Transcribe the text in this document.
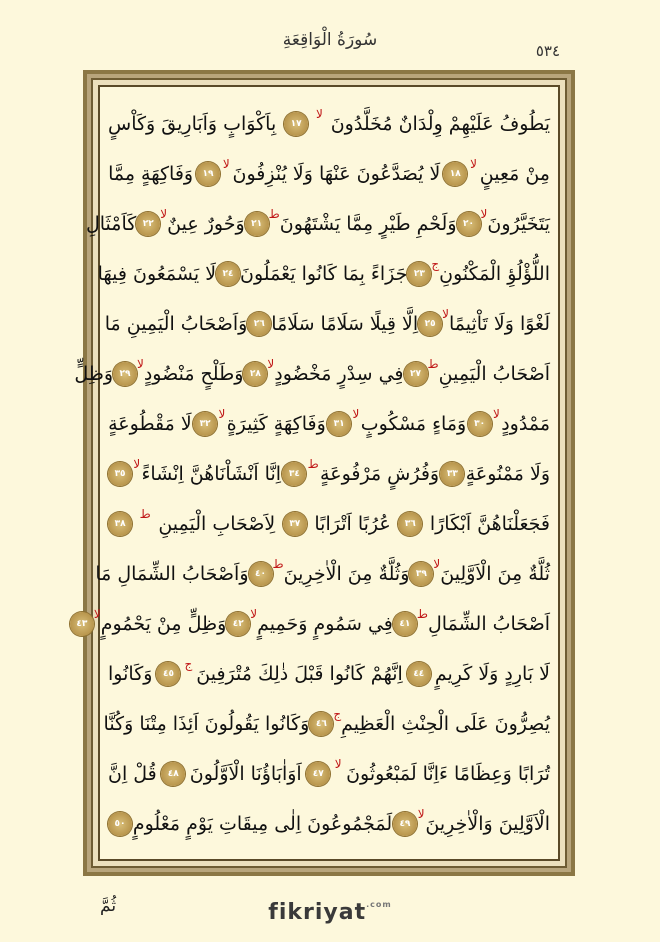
سُورَةُ الْوَاقِعَةِ
٥٣٤
يَطُوفُ عَلَيْهِمْ وِلْدَانٌ مُخَلَّدُونَ
لا
١٧
بِاَكْوَابٍ وَاَبَارِيقَ وَكَاْسٍ
مِنْ مَعِينٍ
لا
١٨
لَا يُصَدَّعُونَ عَنْهَا وَلَا يُنْزِفُونَ
لا
١٩
وَفَاكِهَةٍ مِمَّا
يَتَخَيَّرُونَ
لا
٢٠
وَلَحْمِ طَيْرٍ مِمَّا يَشْتَهُونَ
ط
٢١
وَحُورٌ عِينٌ
لا
٢٢
كَاَمْثَالِ
اللُّؤْلُؤِ الْمَكْنُونِ
ج
٢٣
جَزَاءً بِمَا كَانُوا يَعْمَلُونَ
٢٤
لَا يَسْمَعُونَ فِيهَا
لَغْوًا وَلَا تَاْثِيمًا
لا
٢٥
اِلَّا قِيلًا سَلَامًا سَلَامًا
٢٦
وَاَصْحَابُ الْيَمِينِ مَا
اَصْحَابُ الْيَمِينِ
ط
٢٧
فِي سِدْرٍ مَخْضُودٍ
لا
٢٨
وَطَلْحٍ مَنْضُودٍ
لا
٢٩
وَظِلٍّ
مَمْدُودٍ
لا
٣٠
وَمَاءٍ مَسْكُوبٍ
لا
٣١
وَفَاكِهَةٍ كَثِيرَةٍ
لا
٣٢
لَا مَقْطُوعَةٍ
وَلَا مَمْنُوعَةٍ
٣٣
وَفُرُشٍ مَرْفُوعَةٍ
ط
٣٤
اِنَّا اَنْشَاْنَاهُنَّ اِنْشَاءً
لا
٣٥
فَجَعَلْنَاهُنَّ اَبْكَارًا
٣٦
عُرُبًا اَتْرَابًا
٣٧
لِاَصْحَابِ الْيَمِينِ
ط
٣٨
ثُلَّةٌ مِنَ الْاَوَّلِينَ
لا
٣٩
وَثُلَّةٌ مِنَ الْاٰخِرِينَ
ط
٤٠
وَاَصْحَابُ الشِّمَالِ مَا
اَصْحَابُ الشِّمَالِ
ط
٤١
فِي سَمُومٍ وَحَمِيمٍ
لا
٤٢
وَظِلٍّ مِنْ يَحْمُومٍ
لا
٤٣
لَا بَارِدٍ وَلَا كَرِيمٍ
٤٤
اِنَّهُمْ كَانُوا قَبْلَ ذٰلِكَ مُتْرَفِينَ
ج
٤٥
وَكَانُوا
يُصِرُّونَ عَلَى الْحِنْثِ الْعَظِيمِ
ج
٤٦
وَكَانُوا يَقُولُونَ اَئِذَا مِتْنَا وَكُنَّا
تُرَابًا وَعِظَامًا ءَاِنَّا لَمَبْعُوثُونَ
لا
٤٧
اَوَاٰبَاؤُنَا الْاَوَّلُونَ
٤٨
قُلْ اِنَّ
الْاَوَّلِينَ وَالْاٰخِرِينَ
لا
٤٩
لَمَجْمُوعُونَ اِلٰى مِيقَاتِ يَوْمٍ مَعْلُومٍ
٥٠
ثُمَّ	fikriyat$^{.com}$
